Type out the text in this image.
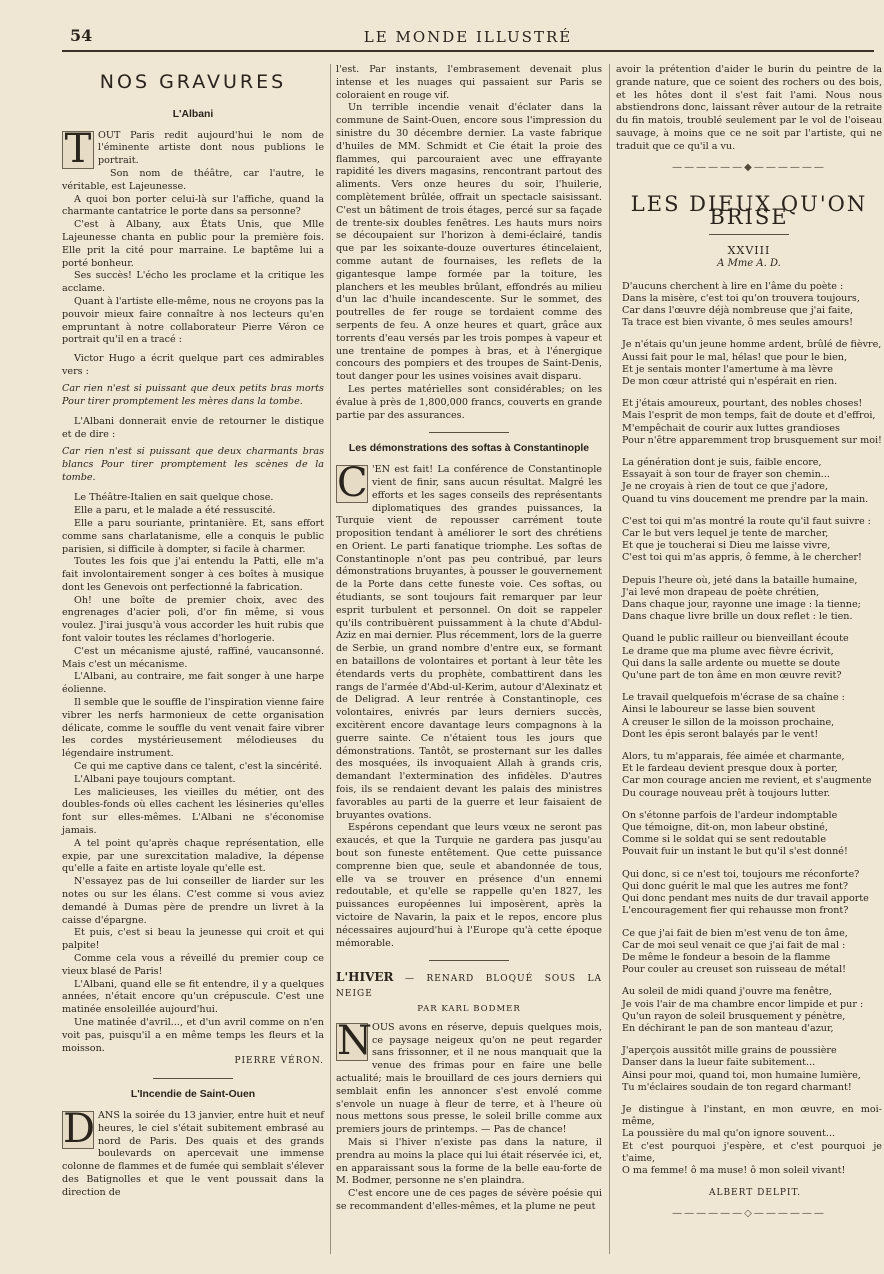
54	LE MONDE ILLUSTRÉ
NOS GRAVURES
L'Albani

T OUT Paris redit aujourd'hui le nom de l'éminente artiste dont nous publions le portrait.

Son nom de théâtre, car l'autre, le véritable, est Lajeunesse.

A quoi bon porter celui-là sur l'affiche, quand la charmante cantatrice le porte dans sa personne?

C'est à Albany, aux États Unis, que Mlle Lajeunesse chanta en public pour la première fois. Elle prit la cité pour marraine. Le baptême lui a porté bonheur.

Ses succès! L'écho les proclame et la critique les acclame.

Quant à l'artiste elle-même, nous ne croyons pas la pouvoir mieux faire connaître à nos lecteurs qu'en empruntant à notre collaborateur Pierre Véron ce portrait qu'il en a tracé :

Victor Hugo a écrit quelque part ces admirables vers :

Car rien n'est si puissant que deux petits bras morts Pour tirer promptement les mères dans la tombe.

L'Albani donnerait envie de retourner le distique et de dire :

Car rien n'est si puissant que deux charmants bras blancs Pour tirer promptement les scènes de la tombe.

Le Théâtre-Italien en sait quelque chose.

Elle a paru, et le malade a été ressuscité.

Elle a paru souriante, printanière. Et, sans effort comme sans charlatanisme, elle a conquis le public parisien, si difficile à dompter, si facile à charmer.

Toutes les fois que j'ai entendu la Patti, elle m'a fait involontairement songer à ces boîtes à musique dont les Genevois ont perfectionné la fabrication.

Oh! une boîte de premier choix, avec des engrenages d'acier poli, d'or fin même, si vous voulez. J'irai jusqu'à vous accorder les huit rubis que font valoir toutes les réclames d'horlogerie.

C'est un mécanisme ajusté, raffiné, vaucansonné. Mais c'est un mécanisme.

L'Albani, au contraire, me fait songer à une harpe éolienne.

Il semble que le souffle de l'inspiration vienne faire vibrer les nerfs harmonieux de cette organisation délicate, comme le souffle du vent venait faire vibrer les cordes mystérieusement mélodieuses du légendaire instrument.

Ce qui me captive dans ce talent, c'est la sincérité.

L'Albani paye toujours comptant.

Les malicieuses, les vieilles du métier, ont des doubles-fonds où elles cachent les lésineries qu'elles font sur elles-mêmes. L'Albani ne s'économise jamais.

A tel point qu'après chaque représentation, elle expie, par une surexcitation maladive, la dépense qu'elle a faite en artiste loyale qu'elle est.

N'essayez pas de lui conseiller de liarder sur les notes ou sur les élans. C'est comme si vous aviez demandé à Dumas père de prendre un livret à la caisse d'épargne.

Et puis, c'est si beau la jeunesse qui croit et qui palpite!

Comme cela vous a réveillé du premier coup ce vieux blasé de Paris!

L'Albani, quand elle se fit entendre, il y a quelques années, n'était encore qu'un crépuscule. C'est une matinée ensoleillée aujourd'hui.

Une matinée d'avril..., et d'un avril comme on n'en voit pas, puisqu'il a en même temps les fleurs et la moisson.

PIERRE VÉRON.

L'Incendie de Saint-Ouen

D ANS la soirée du 13 janvier, entre huit et neuf heures, le ciel s'était subitement embrasé au nord de Paris. Des quais et des grands boulevards on apercevait une immense colonne de flammes et de fumée qui semblait s'élever des Batignolles et que le vent poussait dans la direction de

l'est. Par instants, l'embrasement devenait plus intense et les nuages qui passaient sur Paris se coloraient en rouge vif.

Un terrible incendie venait d'éclater dans la commune de Saint-Ouen, encore sous l'impression du sinistre du 30 décembre dernier. La vaste fabrique d'huiles de MM. Schmidt et Cie était la proie des flammes, qui parcouraient avec une effrayante rapidité les divers magasins, rencontrant partout des aliments. Vers onze heures du soir, l'huilerie, complètement brûlée, offrait un spectacle saisissant. C'est un bâtiment de trois étages, percé sur sa façade de trente-six doubles fenêtres. Les hauts murs noirs se découpaient sur l'horizon à demi-éclairé, tandis que par les soixante-douze ouvertures étincelaient, comme autant de fournaises, les reflets de la gigantesque lampe formée par la toiture, les planchers et les meubles brûlant, effondrés au milieu d'un lac d'huile incandescente. Sur le sommet, des poutrelles de fer rouge se tordaient comme des serpents de feu. A onze heures et quart, grâce aux torrents d'eau versés par les trois pompes à vapeur et une trentaine de pompes à bras, et à l'énergique concours des pompiers et des troupes de Saint-Denis, tout danger pour les usines voisines avait disparu.

Les pertes matérielles sont considérables; on les évalue à près de 1,800,000 francs, couverts en grande partie par des assurances.

Les démonstrations des softas à Constantinople

C 'EN est fait! La conférence de Constantinople vient de finir, sans aucun résultat. Malgré les efforts et les sages conseils des représentants diplomatiques des grandes puissances, la Turquie vient de repousser carrément toute proposition tendant à améliorer le sort des chrétiens en Orient. Le parti fanatique triomphe. Les softas de Constantinople n'ont pas peu contribué, par leurs démonstrations bruyantes, à pousser le gouvernement de la Porte dans cette funeste voie. Ces softas, ou étudiants, se sont toujours fait remarquer par leur esprit turbulent et personnel. On doit se rappeler qu'ils contribuèrent puissamment à la chute d'Abdul-Aziz en mai dernier. Plus récemment, lors de la guerre de Serbie, un grand nombre d'entre eux, se formant en bataillons de volontaires et portant à leur tête les étendards verts du prophète, combattirent dans les rangs de l'armée d'Abd-ul-Kerim, autour d'Alexinatz et de Deligrad. A leur rentrée à Constantinople, ces volontaires, enivrés par leurs derniers succès, excitèrent encore davantage leurs compagnons à la guerre sainte. Ce n'étaient tous les jours que démonstrations. Tantôt, se prosternant sur les dalles des mosquées, ils invoquaient Allah à grands cris, demandant l'extermination des infidèles. D'autres fois, ils se rendaient devant les palais des ministres favorables au parti de la guerre et leur faisaient de bruyantes ovations.

Espérons cependant que leurs vœux ne seront pas exaucés, et que la Turquie ne gardera pas jusqu'au bout son funeste entêtement. Que cette puissance comprenne bien que, seule et abandonnée de tous, elle va se trouver en présence d'un ennemi redoutable, et qu'elle se rappelle qu'en 1827, les puissances européennes lui imposèrent, après la victoire de Navarin, la paix et le repos, encore plus nécessaires aujourd'hui à l'Europe qu'à cette époque mémorable.

L'HIVER — RENARD BLOQUÉ SOUS LA NEIGE
PAR KARL BODMER

N OUS avons en réserve, depuis quelques mois, ce paysage neigeux qu'on ne peut regarder sans frissonner, et il ne nous manquait que la venue des frimas pour en faire une belle actualité; mais le brouillard de ces jours derniers qui semblait enfin les annoncer s'est envolé comme s'envole un nuage à fleur de terre, et à l'heure où nous mettons sous presse, le soleil brille comme aux premiers jours de printemps. — Pas de chance!

Mais si l'hiver n'existe pas dans la nature, il prendra au moins la place qui lui était réservée ici, et, en apparaissant sous la forme de la belle eau-forte de M. Bodmer, personne ne s'en plaindra.

C'est encore une de ces pages de sévère poésie qui se recommandent d'elles-mêmes, et la plume ne peut

avoir la prétention d'aider le burin du peintre de la grande nature, que ce soient des rochers ou des bois, et les hôtes dont il s'est fait l'ami. Nous nous abstiendrons donc, laissant rêver autour de la retraite du fin matois, troublé seulement par le vol de l'oiseau sauvage, à moins que ce ne soit par l'artiste, qui ne traduit que ce qu'il a vu.

——————◆——————
LES DIEUX QU'ON BRISE
XXVIII
A Mme A. D.
D'aucuns cherchent à lire en l'âme du poète :
Dans la misère, c'est toi qu'on trouvera toujours,
Car dans l'œuvre déjà nombreuse que j'ai faite,
Ta trace est bien vivante, ô mes seules amours!
Je n'étais qu'un jeune homme ardent, brûlé de fièvre,
Aussi fait pour le mal, hélas! que pour le bien,
Et je sentais monter l'amertume à ma lèvre
De mon cœur attristé qui n'espérait en rien.
Et j'étais amoureux, pourtant, des nobles choses!
Mais l'esprit de mon temps, fait de doute et d'effroi,
M'empêchait de courir aux luttes grandioses
Pour n'être apparemment trop brusquement sur moi!
La génération dont je suis, faible encore,
Essayait à son tour de frayer son chemin...
Je ne croyais à rien de tout ce que j'adore,
Quand tu vins doucement me prendre par la main.
C'est toi qui m'as montré la route qu'il faut suivre :
Car le but vers lequel je tente de marcher,
Et que je toucherai si Dieu me laisse vivre,
C'est toi qui m'as appris, ô femme, à le chercher!
Depuis l'heure où, jeté dans la bataille humaine,
J'ai levé mon drapeau de poète chrétien,
Dans chaque jour, rayonne une image : la tienne;
Dans chaque livre brille un doux reflet : le tien.
Quand le public railleur ou bienveillant écoute
Le drame que ma plume avec fièvre écrivit,
Qui dans la salle ardente ou muette se doute
Qu'une part de ton âme en mon œuvre revit?
Le travail quelquefois m'écrase de sa chaîne :
Ainsi le laboureur se lasse bien souvent
A creuser le sillon de la moisson prochaine,
Dont les épis seront balayés par le vent!
Alors, tu m'apparais, fée aimée et charmante,
Et le fardeau devient presque doux à porter,
Car mon courage ancien me revient, et s'augmente
Du courage nouveau prêt à toujours lutter.
On s'étonne parfois de l'ardeur indomptable
Que témoigne, dit-on, mon labeur obstiné,
Comme si le soldat qui se sent redoutable
Pouvait fuir un instant le but qu'il s'est donné!
Qui donc, si ce n'est toi, toujours me réconforte?
Qui donc guérit le mal que les autres me font?
Qui donc pendant mes nuits de dur travail apporte
L'encouragement fier qui rehausse mon front?
Ce que j'ai fait de bien m'est venu de ton âme,
Car de moi seul venait ce que j'ai fait de mal :
De même le fondeur a besoin de la flamme
Pour couler au creuset son ruisseau de métal!
Au soleil de midi quand j'ouvre ma fenêtre,
Je vois l'air de ma chambre encor limpide et pur :
Qu'un rayon de soleil brusquement y pénètre,
En déchirant le pan de son manteau d'azur,
J'aperçois aussitôt mille grains de poussière
Danser dans la lueur faite subitement...
Ainsi pour moi, quand toi, mon humaine lumière,
Tu m'éclaires soudain de ton regard charmant!
Je distingue à l'instant, en mon œuvre, en moi-même,
La poussière du mal qu'on ignore souvent...
Et c'est pourquoi j'espère, et c'est pourquoi je t'aime,
O ma femme! ô ma muse! ô mon soleil vivant!

ALBERT DELPIT.

——————◇——————
